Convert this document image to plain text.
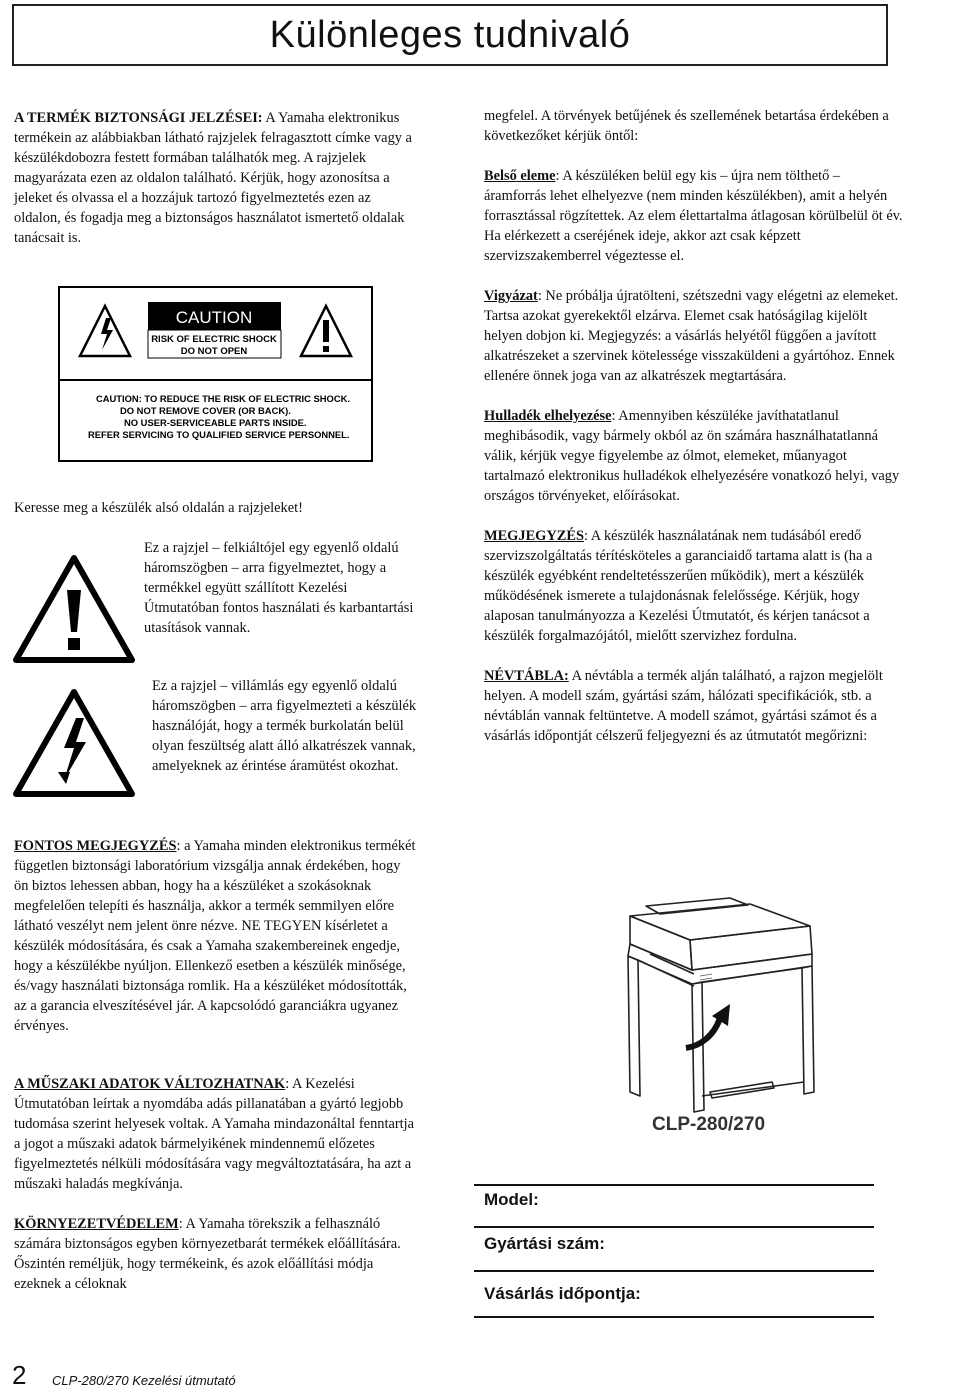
Különleges tudnivaló

A TERMÉK BIZTONSÁGI JELZÉSEI: A Yamaha elektronikus termékein az alábbiakban látható rajzjelek felragasztott címke vagy a készülékdobozra festett formában találhatók meg. A rajzjelek magyarázata ezen az oldalon található. Kérjük, hogy azonosítsa a jeleket és olvassa el a hozzájuk tartozó figyelmeztetés ezen az oldalon, és fogadja meg a biztonságos használatot ismertető oldalak tanácsait is.

CAUTION
RISK OF ELECTRIC SHOCK
DO NOT OPEN
CAUTION: TO REDUCE THE RISK OF ELECTRIC SHOCK.
DO NOT REMOVE COVER (OR BACK).
NO USER-SERVICEABLE PARTS INSIDE.
REFER SERVICING TO QUALIFIED SERVICE PERSONNEL.
Keresse meg a készülék alsó oldalán a rajzjeleket!
Ez a rajzjel – felkiáltójel egy egyenlő oldalú háromszögben – arra figyelmeztet, hogy a termékkel együtt szállított Kezelési Útmutatóban fontos használati és karbantartási utasítások vannak.
Ez a rajzjel – villámlás egy egyenlő oldalú háromszögben – arra figyelmezteti a készülék használóját, hogy a termék burkolatán belül olyan feszültség alatt álló alkatrészek vannak, amelyeknek az érintése áramütést okozhat.

FONTOS MEGJEGYZÉS: a Yamaha minden elektronikus termékét független biztonsági laboratórium vizsgálja annak érdekében, hogy ön biztos lehessen abban, hogy ha a készüléket a szokásoknak megfelelően telepíti és használja, akkor a termék semmilyen előre látható veszélyt nem jelent önre nézve. NE TEGYEN kísérletet a készülék módosítására, és csak a Yamaha szakembereinek engedje, hogy a készülékbe nyúljon. Ellenkező esetben a készülék minősége, és/vagy használati biztonsága romlik. Ha a készüléket módosították, az a garancia elveszítésével jár. A kapcsolódó garanciákra ugyanez érvényes.

A MŰSZAKI ADATOK VÁLTOZHATNAK: A Kezelési Útmutatóban leírtak a nyomdába adás pillanatában a gyártó legjobb tudomása szerint helyesek voltak. A Yamaha mindazonáltal fenntartja a jogot a műszaki adatok bármelyikének mindennemű előzetes figyelmeztetés nélküli módosítására vagy megváltoztatására, ha azt a műszaki haladás megkívánja.

KÖRNYEZETVÉDELEM: A Yamaha törekszik a felhasználó számára biztonságos egyben környezetbarát termékek előállítására. Őszintén reméljük, hogy termékeink, és azok előállítási módja ezeknek a céloknak

megfelel. A törvények betűjének és szellemének betartása érdekében a következőket kérjük öntől:

Belső eleme: A készüléken belül egy kis – újra nem tölthető – áramforrás lehet elhelyezve (nem minden készülékben), amit a helyén forrasztással rögzítettek. Az elem élettartalma átlagosan körülbelül öt év. Ha elérkezett a cseréjének ideje, akkor azt csak képzett szervizszakemberrel végeztesse el.

Vigyázat: Ne próbálja újratölteni, szétszedni vagy elégetni az elemeket. Tartsa azokat gyerekektől elzárva. Elemet csak hatóságilag kijelölt helyen dobjon ki. Megjegyzés: a vásárlás helyétől függően a javított alkatrészeket a szervinek kötelessége visszaküldeni a gyártóhoz. Ennek ellenére önnek joga van az alkatrészek megtartására.

Hulladék elhelyezése: Amennyiben készüléke javíthatatlanul meghibásodik, vagy bármely okból az ön számára használhatatlanná válik, kérjük vegye figyelembe az ólmot, elemeket, műanyagot tartalmazó elektronikus hulladékok elhelyezésére vonatkozó helyi, vagy országos törvényeket, előírásokat.

MEGJEGYZÉS: A készülék használatának nem tudásából eredő szervizszolgáltatás térítésköteles a garanciaidő tartama alatt is (ha a készülék egyébként rendeltetésszerűen működik), mert a készülék működésének ismerete a tulajdonásnak felelőssége. Kérjük, hogy alaposan tanulmányozza a Kezelési Útmutatót, és kérjen tanácsot a készülék forgalmazójától, mielőtt szervizhez fordulna.

NÉVTÁBLA: A névtábla a termék alján található, a rajzon megjelölt helyen. A modell szám, gyártási szám, hálózati specifikációk, stb. a névtáblán vannak feltüntetve. A modell számot, gyártási számot és a vásárlás időpontját célszerű feljegyezni és az útmutatót megőrizni:

CLP-280/270
Model:
Gyártási szám:
Vásárlás időpontja:
2 CLP-280/270 Kezelési útmutató
